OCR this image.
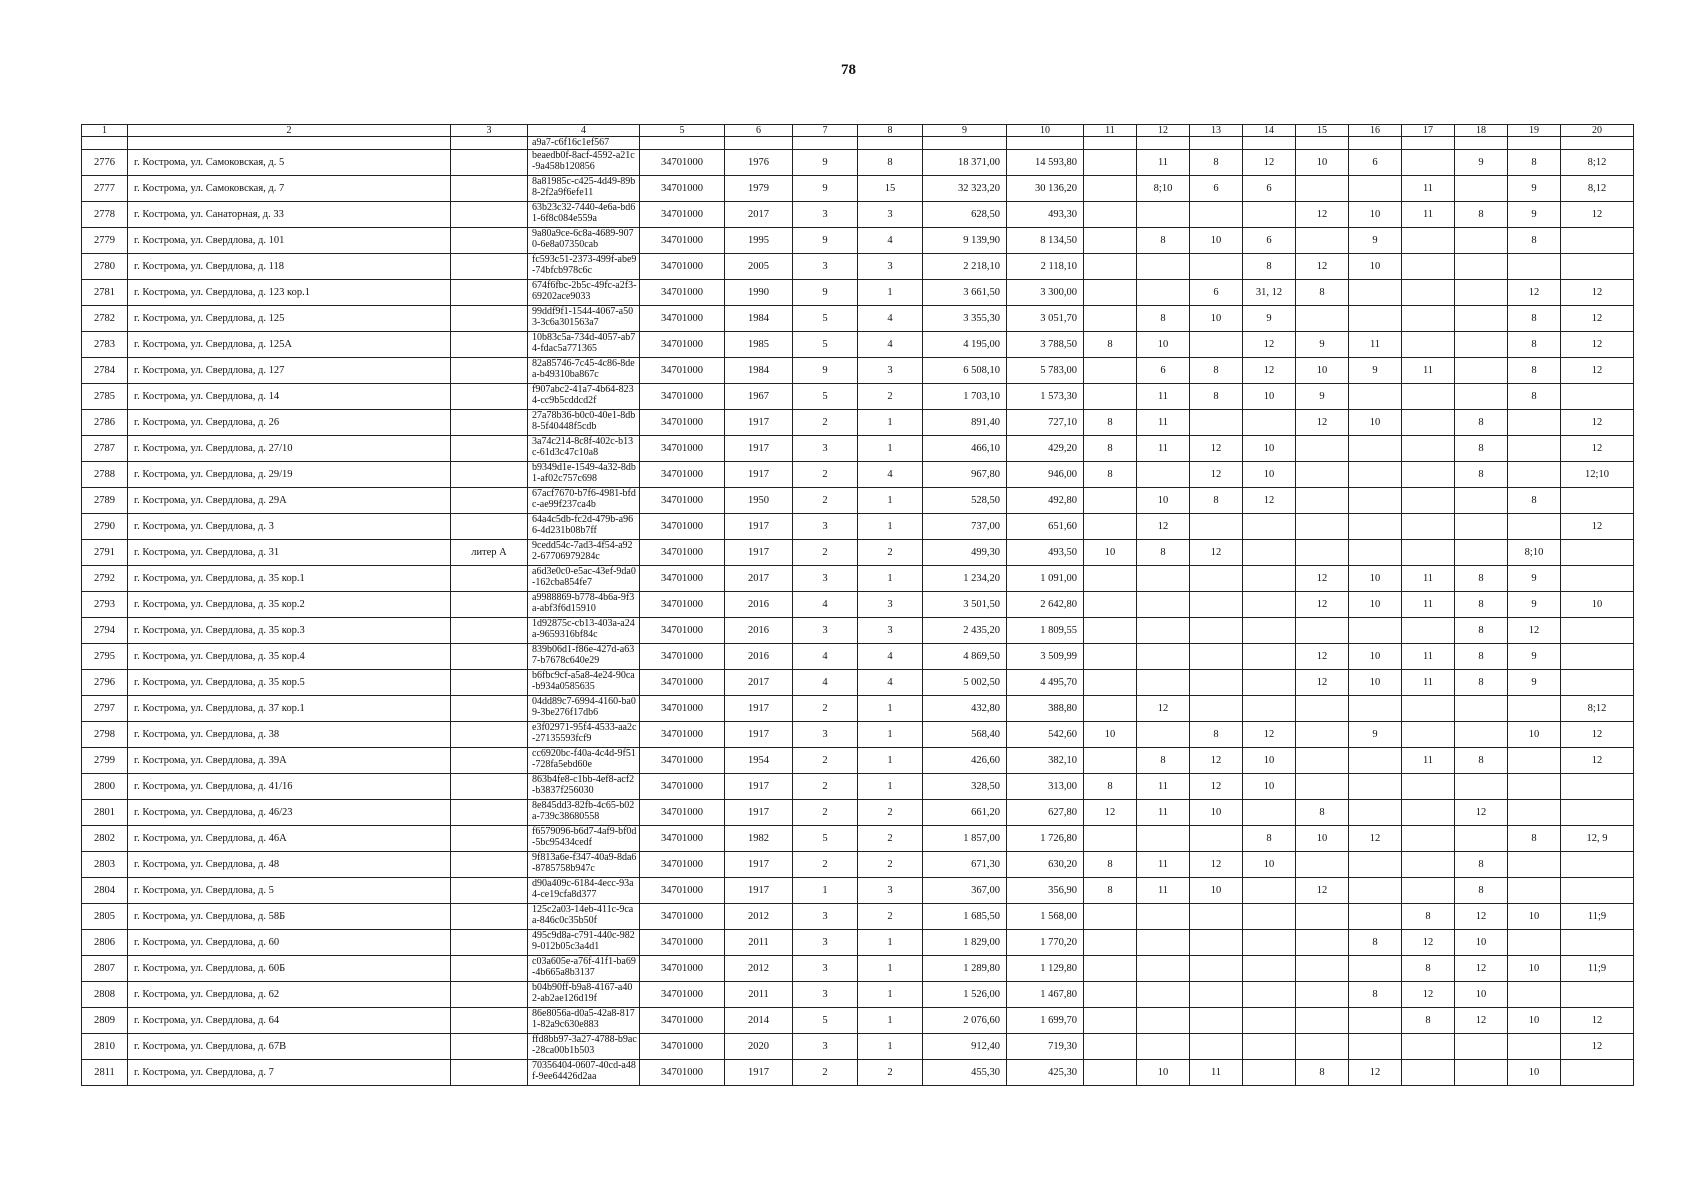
78
1	2	3	4	5	6	7	8	9	10	11	12	13	14	15	16	17	18	19	20
			a9a7-c6f16c1ef567																
2776	г. Кострома, ул. Самоковская, д. 5		beaedb0f-8acf-4592-a21c-9a458b120856	34701000	1976	9	8	18 371,00	14 593,80		11	8	12	10	6		9	8	8;12
2777	г. Кострома, ул. Самоковская, д. 7		8a81985c-c425-4d49-89b8-2f2a9f6efe11	34701000	1979	9	15	32 323,20	30 136,20		8;10	6	6			11		9	8,12
2778	г. Кострома, ул. Санаторная, д. 33		63b23c32-7440-4e6a-bd61-6f8c084e559a	34701000	2017	3	3	628,50	493,30					12	10	11	8	9	12
2779	г. Кострома, ул. Свердлова, д. 101		9a80a9ce-6c8a-4689-9070-6e8a07350cab	34701000	1995	9	4	9 139,90	8 134,50		8	10	6		9			8	
2780	г. Кострома, ул. Свердлова, д. 118		fc593c51-2373-499f-abe9-74bfcb978c6c	34701000	2005	3	3	2 218,10	2 118,10				8	12	10				
2781	г. Кострома, ул. Свердлова, д. 123 кор.1		674f6fbc-2b5c-49fc-a2f3-69202ace9033	34701000	1990	9	1	3 661,50	3 300,00			6	31, 12	8				12	12
2782	г. Кострома, ул. Свердлова, д. 125		99ddf9f1-1544-4067-a503-3c6a301563a7	34701000	1984	5	4	3 355,30	3 051,70		8	10	9					8	12
2783	г. Кострома, ул. Свердлова, д. 125А		10b83c5a-734d-4057-ab74-fdac5a771365	34701000	1985	5	4	4 195,00	3 788,50	8	10		12	9	11			8	12
2784	г. Кострома, ул. Свердлова, д. 127		82a85746-7c45-4c86-8dea-b49310ba867c	34701000	1984	9	3	6 508,10	5 783,00		6	8	12	10	9	11		8	12
2785	г. Кострома, ул. Свердлова, д. 14		f907abc2-41a7-4b64-8234-cc9b5cddcd2f	34701000	1967	5	2	1 703,10	1 573,30		11	8	10	9				8	
2786	г. Кострома, ул. Свердлова, д. 26		27a78b36-b0c0-40e1-8db8-5f40448f5cdb	34701000	1917	2	1	891,40	727,10	8	11			12	10		8		12
2787	г. Кострома, ул. Свердлова, д. 27/10		3a74c214-8c8f-402c-b13c-61d3c47c10a8	34701000	1917	3	1	466,10	429,20	8	11	12	10				8		12
2788	г. Кострома, ул. Свердлова, д. 29/19		b9349d1e-1549-4a32-8db1-af02c757c698	34701000	1917	2	4	967,80	946,00	8		12	10				8		12;10
2789	г. Кострома, ул. Свердлова, д. 29А		67acf7670-b7f6-4981-bfdc-ae99f237ca4b	34701000	1950	2	1	528,50	492,80		10	8	12					8	
2790	г. Кострома, ул. Свердлова, д. 3		64a4c5db-fc2d-479b-a966-4d231b08b7ff	34701000	1917	3	1	737,00	651,60		12								12
2791	г. Кострома, ул. Свердлова, д. 31	литер А	9cedd54c-7ad3-4f54-a922-67706979284c	34701000	1917	2	2	499,30	493,50	10	8	12						8;10	
2792	г. Кострома, ул. Свердлова, д. 35 кор.1		a6d3e0c0-e5ac-43ef-9da0-162cba854fe7	34701000	2017	3	1	1 234,20	1 091,00					12	10	11	8	9	
2793	г. Кострома, ул. Свердлова, д. 35 кор.2		a9988869-b778-4b6a-9f3a-abf3f6d15910	34701000	2016	4	3	3 501,50	2 642,80					12	10	11	8	9	10
2794	г. Кострома, ул. Свердлова, д. 35 кор.3		1d92875c-cb13-403a-a24a-9659316bf84c	34701000	2016	3	3	2 435,20	1 809,55								8	12	
2795	г. Кострома, ул. Свердлова, д. 35 кор.4		839b06d1-f86e-427d-a637-b7678c640e29	34701000	2016	4	4	4 869,50	3 509,99					12	10	11	8	9	
2796	г. Кострома, ул. Свердлова, д. 35 кор.5		b6fbc9cf-a5a8-4e24-90ca-b934a0585635	34701000	2017	4	4	5 002,50	4 495,70					12	10	11	8	9	
2797	г. Кострома, ул. Свердлова, д. 37 кор.1		04dd89c7-6994-4160-ba09-3be276f17db6	34701000	1917	2	1	432,80	388,80		12								8;12
2798	г. Кострома, ул. Свердлова, д. 38		e3f02971-95f4-4533-aa2c-27135593fcf9	34701000	1917	3	1	568,40	542,60	10		8	12		9			10	12
2799	г. Кострома, ул. Свердлова, д. 39А		cc6920bc-f40a-4c4d-9f51-728fa5ebd60e	34701000	1954	2	1	426,60	382,10		8	12	10			11	8		12
2800	г. Кострома, ул. Свердлова, д. 41/16		863b4fe8-c1bb-4ef8-acf2-b3837f256030	34701000	1917	2	1	328,50	313,00	8	11	12	10						
2801	г. Кострома, ул. Свердлова, д. 46/23		8e845dd3-82fb-4c65-b02a-739c38680558	34701000	1917	2	2	661,20	627,80	12	11	10		8			12		
2802	г. Кострома, ул. Свердлова, д. 46А		f6579096-b6d7-4af9-bf0d-5bc95434cedf	34701000	1982	5	2	1 857,00	1 726,80				8	10	12			8	12, 9
2803	г. Кострома, ул. Свердлова, д. 48		9f813a6e-f347-40a9-8da6-8785758b947c	34701000	1917	2	2	671,30	630,20	8	11	12	10				8		
2804	г. Кострома, ул. Свердлова, д. 5		d90a409c-6184-4ecc-93a4-ce19cfa8d377	34701000	1917	1	3	367,00	356,90	8	11	10		12			8		
2805	г. Кострома, ул. Свердлова, д. 58Б		125c2a03-14eb-411c-9caa-846c0c35b50f	34701000	2012	3	2	1 685,50	1 568,00							8	12	10	11;9
2806	г. Кострома, ул. Свердлова, д. 60		495c9d8a-c791-440c-9829-012b05c3a4d1	34701000	2011	3	1	1 829,00	1 770,20						8	12	10		
2807	г. Кострома, ул. Свердлова, д. 60Б		c03a605e-a76f-41f1-ba69-4b665a8b3137	34701000	2012	3	1	1 289,80	1 129,80							8	12	10	11;9
2808	г. Кострома, ул. Свердлова, д. 62		b04b90ff-b9a8-4167-a402-ab2ae126d19f	34701000	2011	3	1	1 526,00	1 467,80						8	12	10		
2809	г. Кострома, ул. Свердлова, д. 64		86e8056a-d0a5-42a8-8171-82a9c630e883	34701000	2014	5	1	2 076,60	1 699,70							8	12	10	12
2810	г. Кострома, ул. Свердлова, д. 67В		ffd8bb97-3a27-4788-b9ac-28ca00b1b503	34701000	2020	3	1	912,40	719,30										12
2811	г. Кострома, ул. Свердлова, д. 7		70356404-0607-40cd-a48f-9ee64426d2aa	34701000	1917	2	2	455,30	425,30		10	11		8	12			10	
